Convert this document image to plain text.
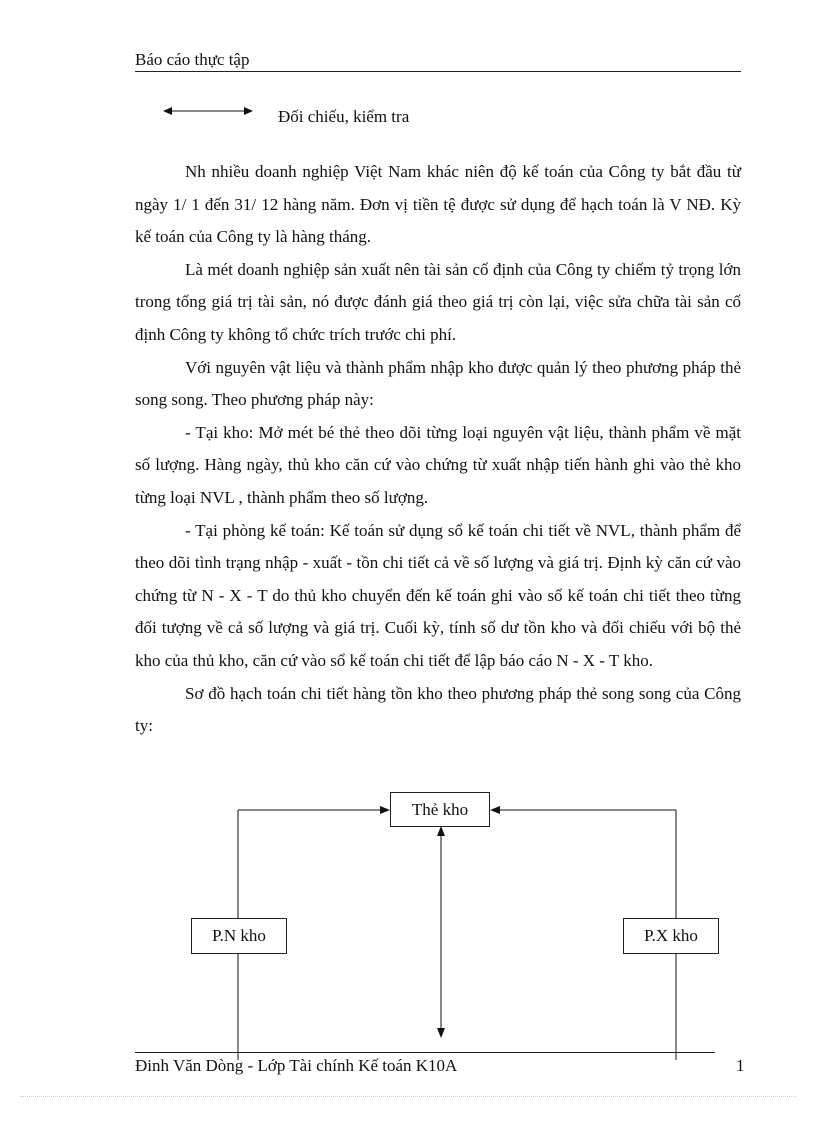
Báo cáo thực tập
Đối chiếu, kiểm tra

Nh nhiều doanh nghiệp Việt Nam khác niên độ kế toán của Công ty bắt đầu từ ngày 1/ 1 đến 31/ 12 hàng năm. Đơn vị tiền tệ được sử dụng để hạch toán là V NĐ. Kỳ kế toán của Công ty là hàng tháng.

Là mét doanh nghiệp sản xuất nên tài sản cố định của Công ty chiếm tỷ trọng lớn trong tổng giá trị tài sản, nó được đánh giá theo giá trị còn lại, việc sửa chữa tài sản cố định Công ty không tổ chức trích trước chi phí.

Với nguyên vật liệu và thành phẩm nhập kho được quản lý theo phương pháp thẻ song song. Theo phương pháp này:

- Tại kho: Mở mét bé thẻ theo dõi từng loại nguyên vật liệu, thành phẩm về mặt số lượng. Hàng ngày, thủ kho căn cứ vào chứng từ xuất nhập tiến hành ghi vào thẻ kho từng loại NVL , thành phẩm theo số lượng.

- Tại phòng kế toán: Kế toán sử dụng sổ kế toán chi tiết về NVL, thành phẩm để theo dõi tình trạng nhập - xuất - tồn chi tiết cả về số lượng và giá trị. Định kỳ căn cứ vào chứng từ N - X - T do thủ kho chuyển đến kế toán ghi vào sổ kế toán chi tiết theo từng đối tượng về cả số lượng và giá trị. Cuối kỳ, tính số dư tồn kho và đối chiếu với bộ thẻ kho của thủ kho, căn cứ vào sổ kế toán chi tiết để lập báo cáo N - X - T kho.

Sơ đồ hạch toán chi tiết hàng tồn kho theo phương pháp thẻ song song của Công ty:

Thẻ kho
P.N kho	P.X kho
Đinh Văn Dòng - Lớp Tài chính Kế toán K10A	1
